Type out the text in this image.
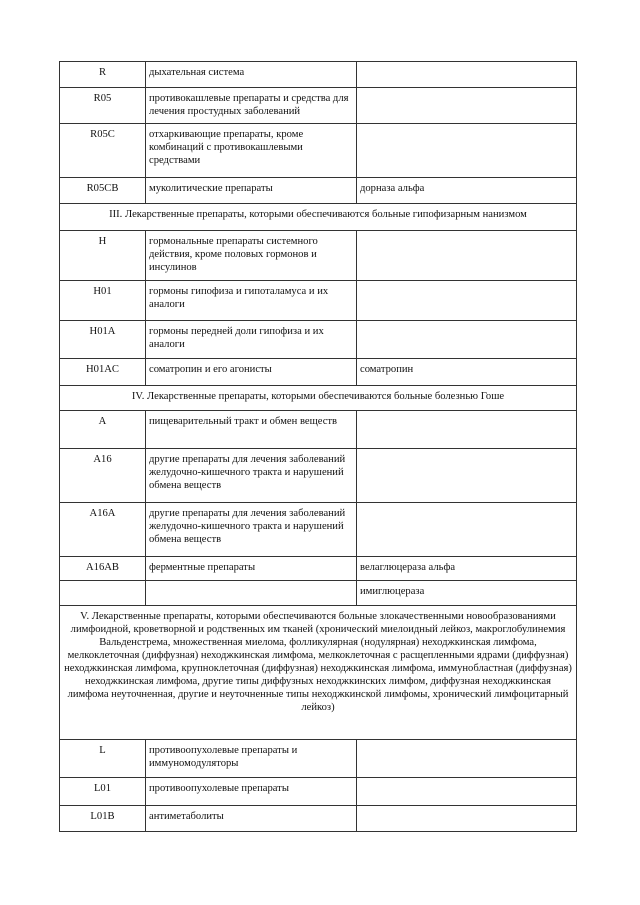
R	дыхательная система	
R05	противокашлевые препараты и средства для лечения простудных заболеваний	
R05C	отхаркивающие препараты, кроме комбинаций с противокашлевыми средствами	
R05CB	муколитические препараты	дорназа альфа
III. Лекарственные препараты, которыми обеспечиваются больные гипофизарным нанизмом		
H	гормональные препараты системного действия, кроме половых гормонов и инсулинов	
H01	гормоны гипофиза и гипоталамуса и их аналоги	
H01A	гормоны передней доли гипофиза и их аналоги	
H01AC	соматропин и его агонисты	соматропин
IV. Лекарственные препараты, которыми обеспечиваются больные болезнью Гоше		
A	пищеварительный тракт и обмен веществ	
A16	другие препараты для лечения заболеваний желудочно-кишечного тракта и нарушений обмена веществ	
A16A	другие препараты для лечения заболеваний желудочно-кишечного тракта и нарушений обмена веществ	
A16AB	ферментные препараты	велаглюцераза альфа
		имиглюцераза
V. Лекарственные препараты, которыми обеспечиваются больные злокачественными новообразованиями лимфоидной, кроветворной и родственных им тканей (хронический миелоидный лейкоз, макроглобулинемия Вальденстрема, множественная миелома, фолликулярная (нодулярная) неходжкинская лимфома, мелкоклеточная (диффузная) неходжкинская лимфома, мелкоклеточная с расщепленными ядрами (диффузная) неходжкинская лимфома, крупноклеточная (диффузная) неходжкинская лимфома, иммунобластная (диффузная) неходжкинская лимфома, другие типы диффузных неходжкинских лимфом, диффузная неходжкинская лимфома неуточненная, другие и неуточненные типы неходжкинской лимфомы, хронический лимфоцитарный лейкоз)		
L	противоопухолевые препараты и иммуномодуляторы	
L01	противоопухолевые препараты	
L01B	антиметаболиты	
